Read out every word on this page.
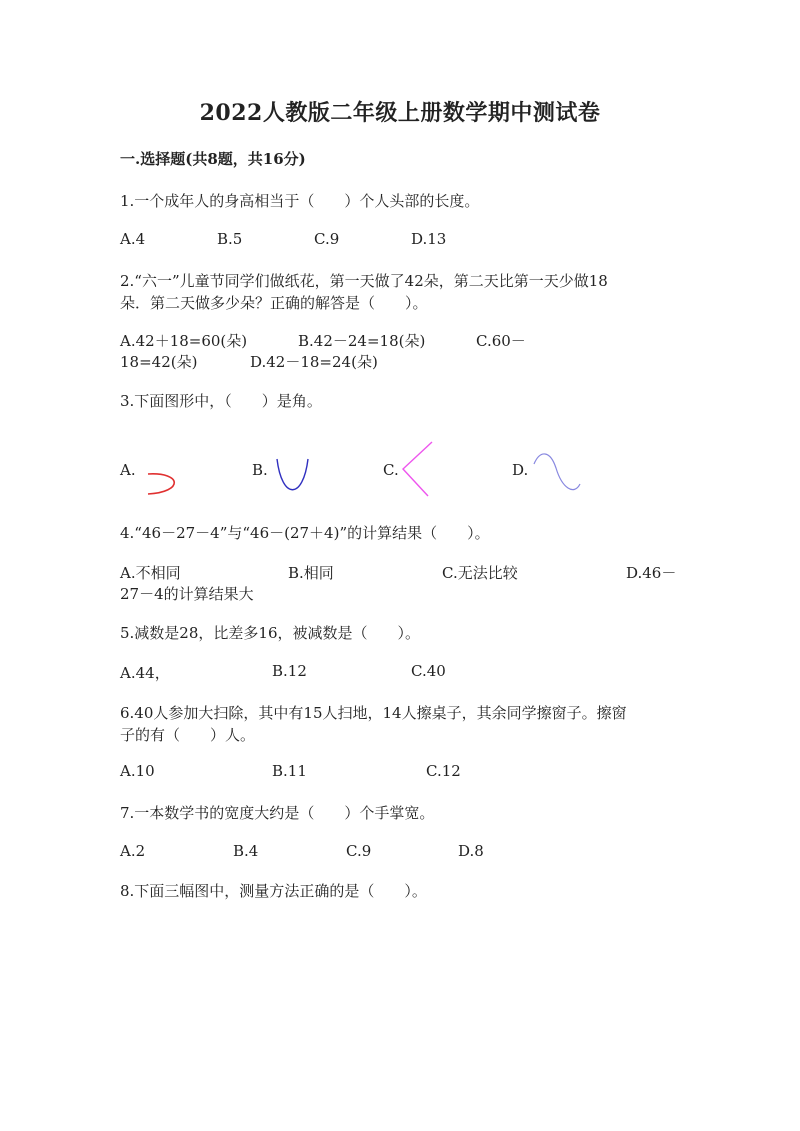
2022人教版二年级上册数学期中测试卷
一.选择题(共8题，共16分)
1.一个成年人的身高相当于（　　）个人头部的长度。
A.4	B.5	C.9	D.13
2.“六一”儿童节同学们做纸花，第一天做了42朵，第二天比第一天少做18
朵．第二天做多少朵？正确的解答是（　　）。
A.42＋18=60(朵)	B.42－24=18(朵)	C.60－
18=42(朵)	D.42－18=24(朵)
3.下面图形中，（　　）是角。
A.	B.	C.	D.
4.“46－27－4”与“46－(27＋4)”的计算结果（　　）。
A.不相同	B.相同	C.无法比较	D.46－
27－4的计算结果大
5.减数是28，比差多16，被减数是（　　）。
A.44，	B.12	C.40
6.40人参加大扫除，其中有15人扫地，14人擦桌子，其余同学擦窗子。擦窗
子的有（　　）人。
A.10	B.11	C.12
7.一本数学书的宽度大约是（　　）个手掌宽。
A.2	B.4	C.9	D.8
8.下面三幅图中，测量方法正确的是（　　）。
